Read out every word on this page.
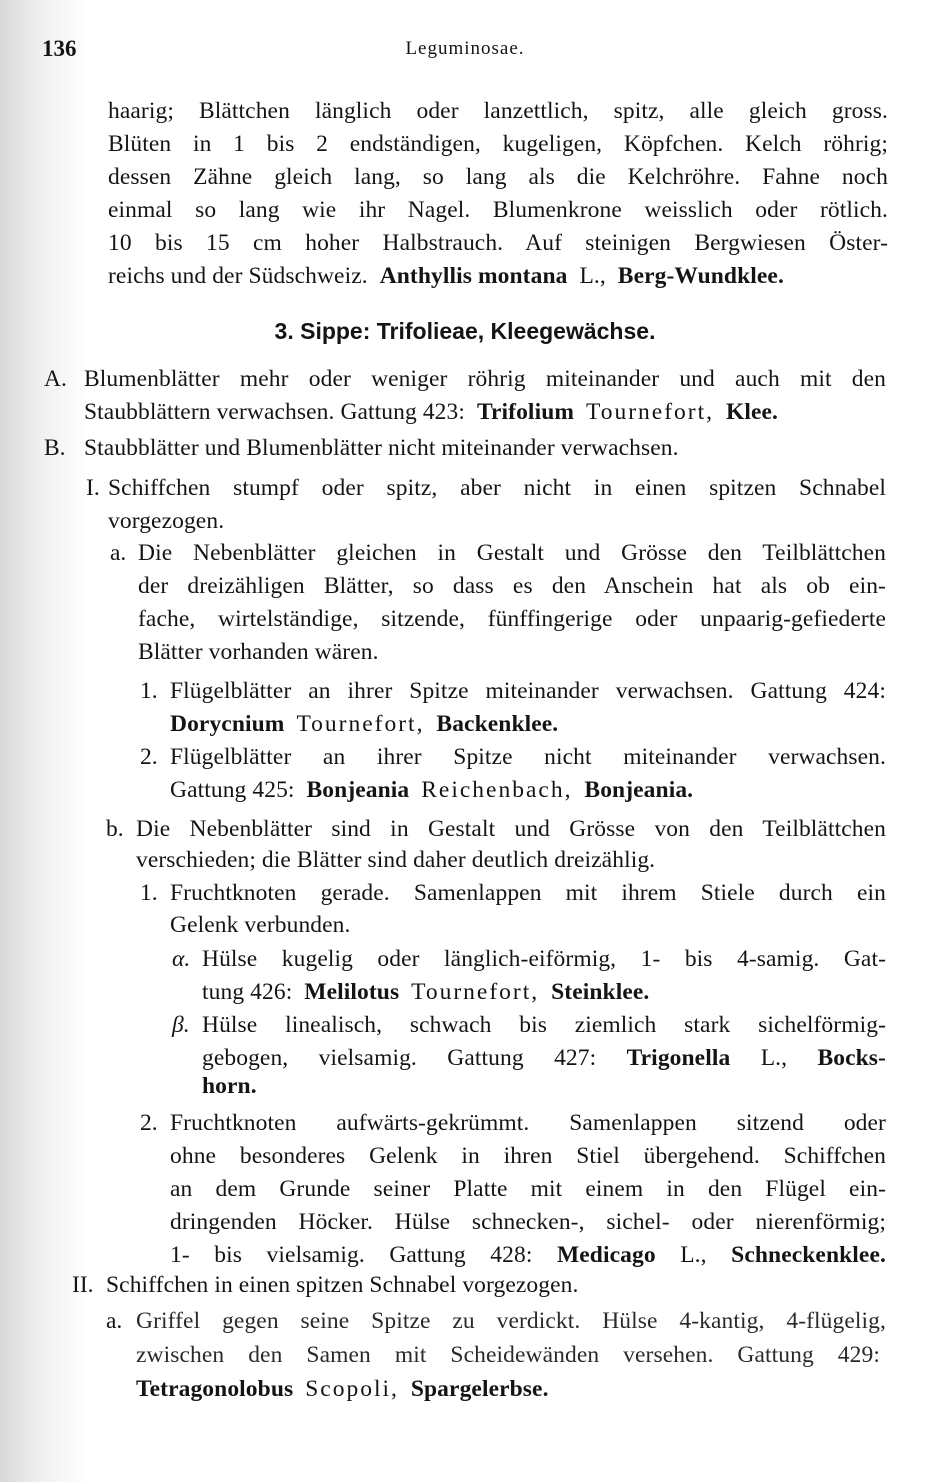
136	Leguminosae.
haarig; Blättchen länglich oder lanzettlich, spitz, alle gleich gross.
Blüten in 1 bis 2 endständigen, kugeligen, Köpfchen. Kelch röhrig;
dessen Zähne gleich lang, so lang als die Kelchröhre. Fahne noch
einmal so lang wie ihr Nagel. Blumenkrone weisslich oder rötlich.
10 bis 15 cm hoher Halbstrauch. Auf steinigen Bergwiesen Öster-
reichs und der Südschweiz. Anthyllis montana L., Berg-Wundklee.
3. Sippe: Trifolieae, Kleegewächse.
A. Blumenblätter mehr oder weniger röhrig miteinander und auch mit den
Staubblättern verwachsen. Gattung 423: Trifolium Tournefort, Klee.
B. Staubblätter und Blumenblätter nicht miteinander verwachsen.
I. Schiffchen stumpf oder spitz, aber nicht in einen spitzen Schnabel
vorgezogen.
a. Die Nebenblätter gleichen in Gestalt und Grösse den Teilblättchen
der dreizähligen Blätter, so dass es den Anschein hat als ob ein-
fache, wirtelständige, sitzende, fünffingerige oder unpaarig-gefiederte
Blätter vorhanden wären.
1. Flügelblätter an ihrer Spitze miteinander verwachsen. Gattung 424:
Dorycnium Tournefort, Backenklee.
2. Flügelblätter an ihrer Spitze nicht miteinander verwachsen.
Gattung 425: Bonjeania Reichenbach, Bonjeania.
b. Die Nebenblätter sind in Gestalt und Grösse von den Teilblättchen
verschieden; die Blätter sind daher deutlich dreizählig.
1. Fruchtknoten gerade. Samenlappen mit ihrem Stiele durch ein
Gelenk verbunden.
α. Hülse kugelig oder länglich-eiförmig, 1- bis 4-samig. Gat-
tung 426: Melilotus Tournefort, Steinklee.
β. Hülse linealisch, schwach bis ziemlich stark sichelförmig-
gebogen, vielsamig. Gattung 427: Trigonella L., Bocks-
horn.
2. Fruchtknoten aufwärts-gekrümmt. Samenlappen sitzend oder
ohne besonderes Gelenk in ihren Stiel übergehend. Schiffchen
an dem Grunde seiner Platte mit einem in den Flügel ein-
dringenden Höcker. Hülse schnecken-, sichel- oder nierenförmig;
1- bis vielsamig. Gattung 428: Medicago L., Schneckenklee.
II. Schiffchen in einen spitzen Schnabel vorgezogen.
a. Griffel gegen seine Spitze zu verdickt. Hülse 4-kantig, 4-flügelig,
zwischen den Samen mit Scheidewänden versehen. Gattung 429:
Tetragonolobus Scopoli, Spargelerbse.
